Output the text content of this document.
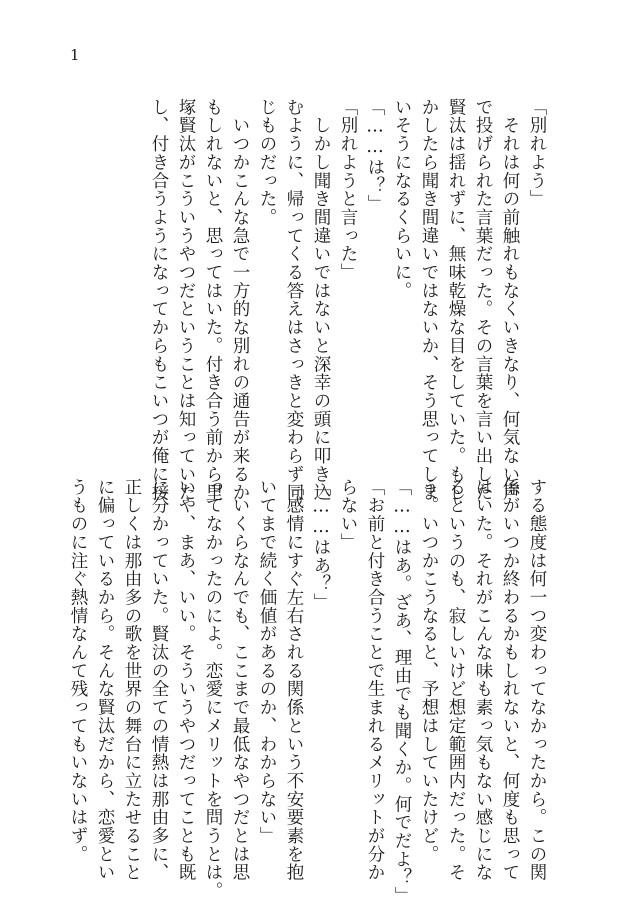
1
「別れよう」
　それは何の前触れもなくいきなり、何気ない声
で投げられた言葉だった。その言葉を言い出した
賢汰は揺れずに、無味乾燥な目をしていた。もし
かしたら聞き間違いではないか、そう思ってしま
いそうになるくらいに。
「……は？」
「別れようと言った」
　しかし聞き間違いではないと深幸の頭に叩き込
むように、帰ってくる答えはさっきと変わらず同
じものだった。
　いつかこんな急で一方的な別れの通告が来るか
もしれないと、思ってはいた。付き合う前から里
塚賢汰がこういうやつだということは知っていた
し、付き合うようになってからもこいつが俺に接
する態度は何一つ変わってなかったから。この関
係がいつか終わるかもしれないと、何度も思って
はいた。それがこんな味も素っ気もない感じにな
るというのも、寂しいけど想定範囲内だった。そ
う。いつかこうなると、予想はしていたけど。
「……はあ。ざあ、理由でも聞くか。何でだよ？」
「お前と付き合うことで生まれるメリットが分か
らない」
「……はあ？」
「感情にすぐ左右される関係という不安要素を抱
いてまで続く価値があるのか、わからない」
　いくらなんでも、ここまで最低なやつだとは思
ってなかったのによ。恋愛にメリットを問うとは。
いや、まあ、いい。そういうやつだってことも既
に分かっていた。賢汰の全ての情熱は那由多に、
正しくは那由多の歌を世界の舞台に立たせること
に偏っているから。そんな賢汰だから、恋愛とい
うものに注ぐ熱情なんて残ってもいないはず。
